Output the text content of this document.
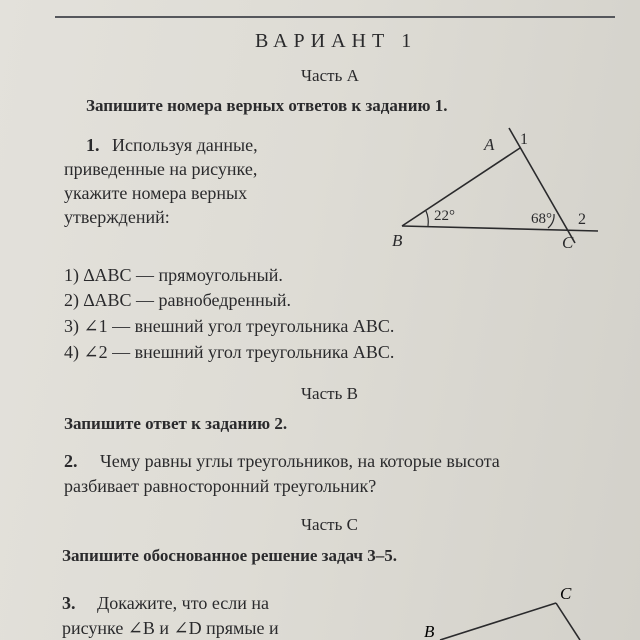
ВАРИАНТ 1
Часть А
Запишите номера верных ответов к заданию 1.
1. Используя данные,
приведенные на рисунке,
укажите номера верных
утверждений:
A 1
B	C
2
22°	68°
1) ∆ABC — прямоугольный.
2) ∆ABC — равнобедренный.
3) ∠1 — внешний угол треугольника ABC.
4) ∠2 — внешний угол треугольника ABC.
Часть В
Запишите ответ к заданию 2.
2. Чему равны углы треугольников, на которые высота
разбивает равносторонний треугольник?
Часть С
Запишите обоснованное решение задач 3–5.
3. Докажите, что если на
рисунке ∠B и ∠D прямые и
C
B
